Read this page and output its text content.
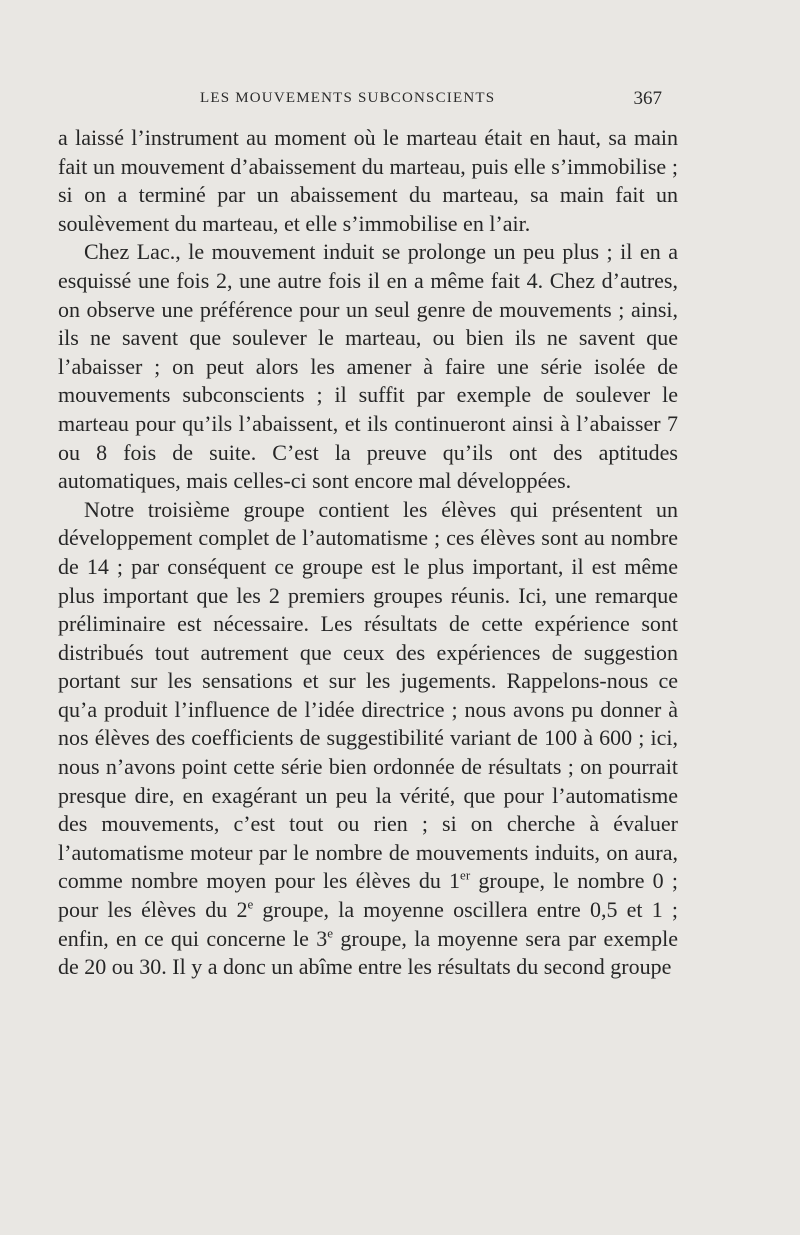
LES MOUVEMENTS SUBCONSCIENTS	367

a laissé l’instrument au moment où le marteau était en haut, sa main fait un mouvement d’abaissement du marteau, puis elle s’immobilise ; si on a terminé par un abaissement du marteau, sa main fait un soulèvement du marteau, et elle s’immobilise en l’air.

Chez Lac., le mouvement induit se prolonge un peu plus ; il en a esquissé une fois 2, une autre fois il en a même fait 4. Chez d’autres, on observe une préférence pour un seul genre de mouvements ; ainsi, ils ne savent que soulever le marteau, ou bien ils ne savent que l’abaisser ; on peut alors les amener à faire une série isolée de mouvements subconscients ; il suffit par exemple de soulever le marteau pour qu’ils l’abaissent, et ils continueront ainsi à l’abaisser 7 ou 8 fois de suite. C’est la preuve qu’ils ont des aptitudes automatiques, mais celles-ci sont encore mal développées.

Notre troisième groupe contient les élèves qui présentent un développement complet de l’automatisme ; ces élèves sont au nombre de 14 ; par conséquent ce groupe est le plus important, il est même plus important que les 2 premiers groupes réunis. Ici, une remarque préliminaire est nécessaire. Les résultats de cette expérience sont distribués tout autrement que ceux des expériences de suggestion portant sur les sensations et sur les jugements. Rappelons-nous ce qu’a produit l’influence de l’idée directrice ; nous avons pu donner à nos élèves des coefficients de suggestibilité variant de 100 à 600 ; ici, nous n’avons point cette série bien ordonnée de résultats ; on pourrait presque dire, en exagérant un peu la vérité, que pour l’automatisme des mouvements, c’est tout ou rien ; si on cherche à évaluer l’automatisme moteur par le nombre de mouvements induits, on aura, comme nombre moyen pour les élèves du 1er groupe, le nombre 0 ; pour les élèves du 2e groupe, la moyenne oscillera entre 0,5 et 1 ; enfin, en ce qui concerne le 3e groupe, la moyenne sera par exemple de 20 ou 30. Il y a donc un abîme entre les résultats du second groupe
